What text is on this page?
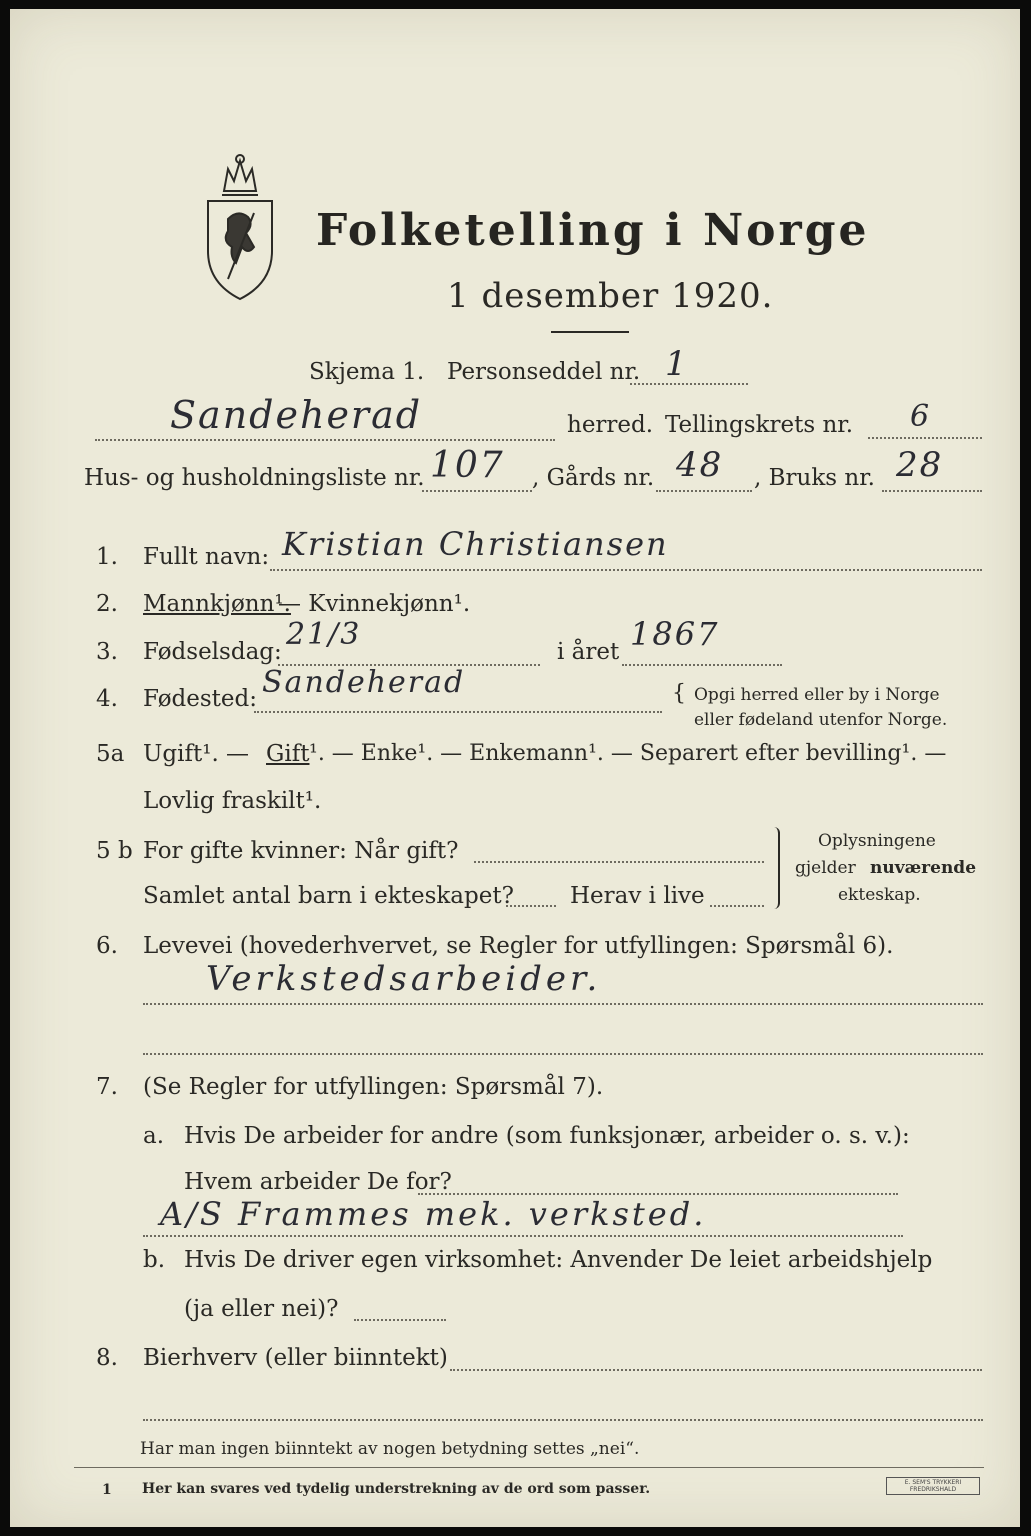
Folketelling i Norge
1 desember 1920.
Skjema 1. Personseddel nr. 1
Sandeherad	herred. Tellingskrets nr. 6
Hus- og husholdningsliste nr. 107 , Gårds nr. 48 , Bruks nr. 28
1.	Fullt navn: Kristian Christiansen
2.	Mannkjønn¹.
— Kvinnekjønn¹.
3.	Fødselsdag: 21/3	i året 1867
4.	Fødested: Sandeherad	{ Opgi herred eller by i Norge
eller fødeland utenfor Norge.
5a Ugift¹. — Gift ¹. — Enke¹. — Enkemann¹. — Separert efter bevilling¹. —
Lovlig fraskilt¹.
5 b For gifte kvinner: Når gift?
Samlet antal barn i ekteskapet? Herav i live
Oplysningene
gjelder nuværende
ekteskap.
6.	Levevei (hovederhvervet, se Regler for utfyllingen: Spørsmål 6).
Verkstedsarbeider.
7.	(Se Regler for utfyllingen: Spørsmål 7).
a. Hvis De arbeider for andre (som funksjonær, arbeider o. s. v.):
Hvem arbeider De for?
A/S Frammes mek. verksted.
b. Hvis De driver egen virksomhet: Anvender De leiet arbeidshjelp
(ja eller nei)?
8.	Bierhverv (eller biinntekt)
Har man ingen biinntekt av nogen betydning settes „nei“.
1 Her kan svares ved tydelig understrekning av de ord som passer.	E. SEM'S TRYKKERI FREDRIKSHALD
